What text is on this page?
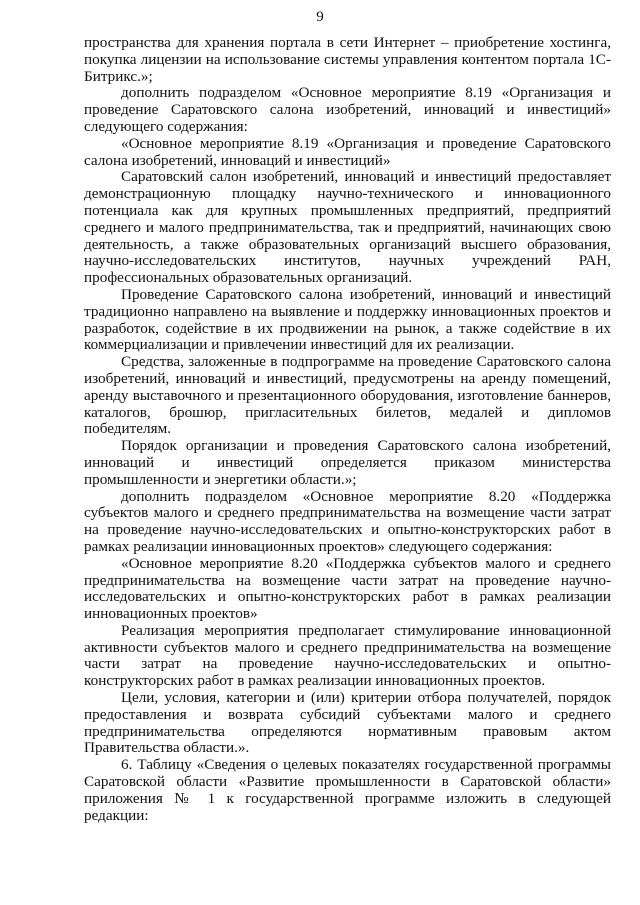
9

пространства для хранения портала в сети Интернет – приобретение хостинга, покупка лицензии на использование системы управления контентом портала 1С-Битрикс.»;

дополнить подразделом «Основное мероприятие 8.19 «Организация и проведение Саратовского салона изобретений, инноваций и инвестиций» следующего содержания:

«Основное мероприятие 8.19 «Организация и проведение Саратовского салона изобретений, инноваций и инвестиций»

Саратовский салон изобретений, инноваций и инвестиций предоставляет демонстрационную площадку научно-технического и инновационного потенциала как для крупных промышленных предприятий, предприятий среднего и малого предпринимательства, так и предприятий, начинающих свою деятельность, а также образовательных организаций высшего образования, научно-исследовательских институтов, научных учреждений РАН, профессиональных образовательных организаций.

Проведение Саратовского салона изобретений, инноваций и инвестиций традиционно направлено на выявление и поддержку инновационных проектов и разработок, содействие в их продвижении на рынок, а также содействие в их коммерциализации и привлечении инвестиций для их реализации.

Средства, заложенные в подпрограмме на проведение Саратовского салона изобретений, инноваций и инвестиций, предусмотрены на аренду помещений, аренду выставочного и презентационного оборудования, изготовление баннеров, каталогов, брошюр, пригласительных билетов, медалей и дипломов победителям.

Порядок организации и проведения Саратовского салона изобретений, инноваций и инвестиций определяется приказом министерства промышленности и энергетики области.»;

дополнить подразделом «Основное мероприятие 8.20 «Поддержка субъектов малого и среднего предпринимательства на возмещение части затрат на проведение научно-исследовательских и опытно-конструкторских работ в рамках реализации инновационных проектов» следующего содержания:

«Основное мероприятие 8.20 «Поддержка субъектов малого и среднего предпринимательства на возмещение части затрат на проведение научно-исследовательских и опытно-конструкторских работ в рамках реализации инновационных проектов»

Реализация мероприятия предполагает стимулирование инновационной активности субъектов малого и среднего предпринимательства на возмещение части затрат на проведение научно-исследовательских и опытно-конструкторских работ в рамках реализации инновационных проектов.

Цели, условия, категории и (или) критерии отбора получателей, порядок предоставления и возврата субсидий субъектами малого и среднего предпринимательства определяются нормативным правовым актом Правительства области.».

6. Таблицу «Сведения о целевых показателях государственной программы Саратовской области «Развитие промышленности в Саратовской области» приложения № 1 к государственной программе изложить в следующей редакции:
